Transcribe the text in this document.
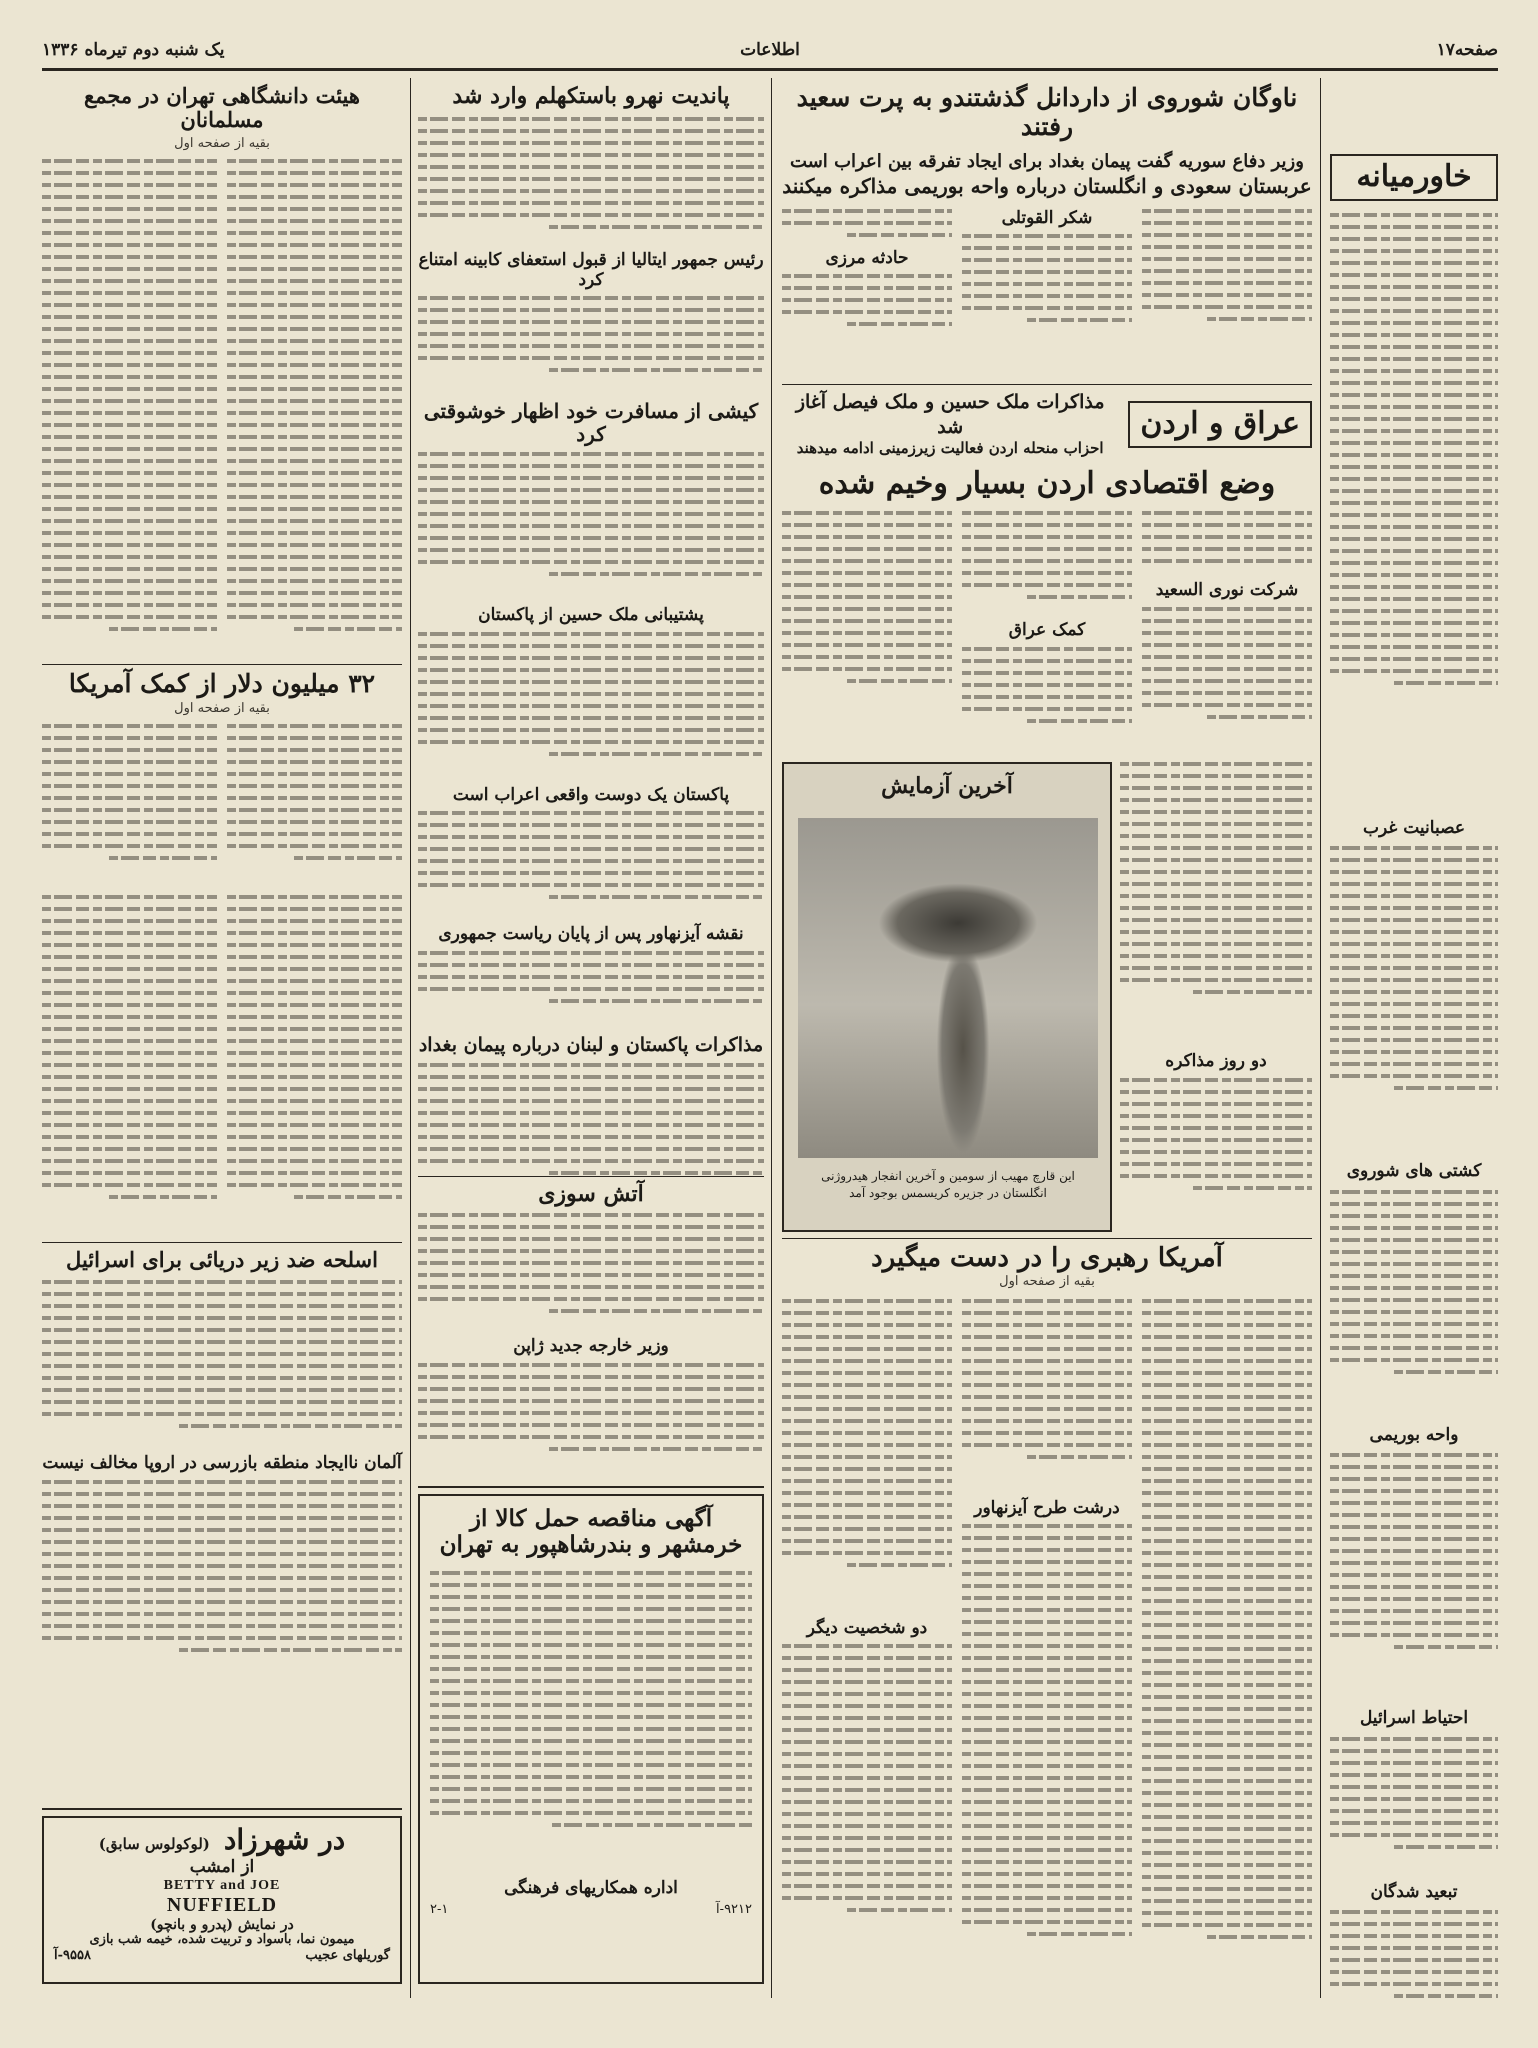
صفحه۱۷
اطلاعات
یک شنبه دوم تیرماه ۱۳۳۶
خاورمیانه
عصبانیت غرب
کشتی های شوروی
واحه بوریمی
احتیاط اسرائیل
تبعید شدگان
ناوگان شوروی از داردانل گذشتندو به پرت سعید رفتند
وزیر دفاع سوریه گفت پیمان بغداد برای ایجاد تفرقه بین اعراب است
عربستان سعودی و انگلستان درباره واحه بوریمی مذاکره میکنند
شکر القوتلی
حادثه مرزی
عراق و اردن
مذاکرات ملک حسین و ملک فیصل آغاز شد
احزاب منحله اردن فعالیت زیرزمینی ادامه میدهند
وضع اقتصادی اردن بسیار وخیم شده
شرکت نوری السعید
کمک عراق
آخرین آزمایش
این قارچ مهیب از سومین و آخرین انفجار هیدروژنی انگلستان در جزیره کریسمس بوجود آمد
دو روز مذاکره
آمریکا رهبری را در دست میگیرد
بقیه از صفحه اول
درشت طرح آیزنهاور
دو شخصیت دیگر
پاندیت نهرو باستکهلم وارد شد
رئیس جمهور ایتالیا از قبول استعفای کابینه امتناع کرد
کیشی از مسافرت خود اظهار خوشوقتی کرد
پشتیبانی ملک حسین از پاکستان
پاکستان یک دوست واقعی اعراب است
نقشه آیزنهاور پس از پایان ریاست جمهوری
مذاکرات پاکستان و لبنان درباره پیمان بغداد
آتش سوزی
وزیر خارجه جدید ژاپن
آگهی مناقصه حمل کالا از خرمشهر و بندرشاهپور به تهران
اداره همکاریهای فرهنگی
۹۲۱۲-آ
۲-۱
هیئت دانشگاهی تهران در مجمع مسلمانان
بقیه از صفحه اول
۳۲ میلیون دلار از کمک آمریکا
بقیه از صفحه اول
اسلحه ضد زیر دریائی برای اسرائیل
آلمان ناایجاد منطقه بازرسی در اروپا مخالف نیست
در شهرزاد
(لوکولوس سابق)
از امشب
BETTY and JOE
NUFFIELD
در نمایش (پدرو و بانچو)
میمون نما، باسواد و تربیت شده، خیمه شب بازی
گوریلهای عجیب
۹۵۵۸-آ
